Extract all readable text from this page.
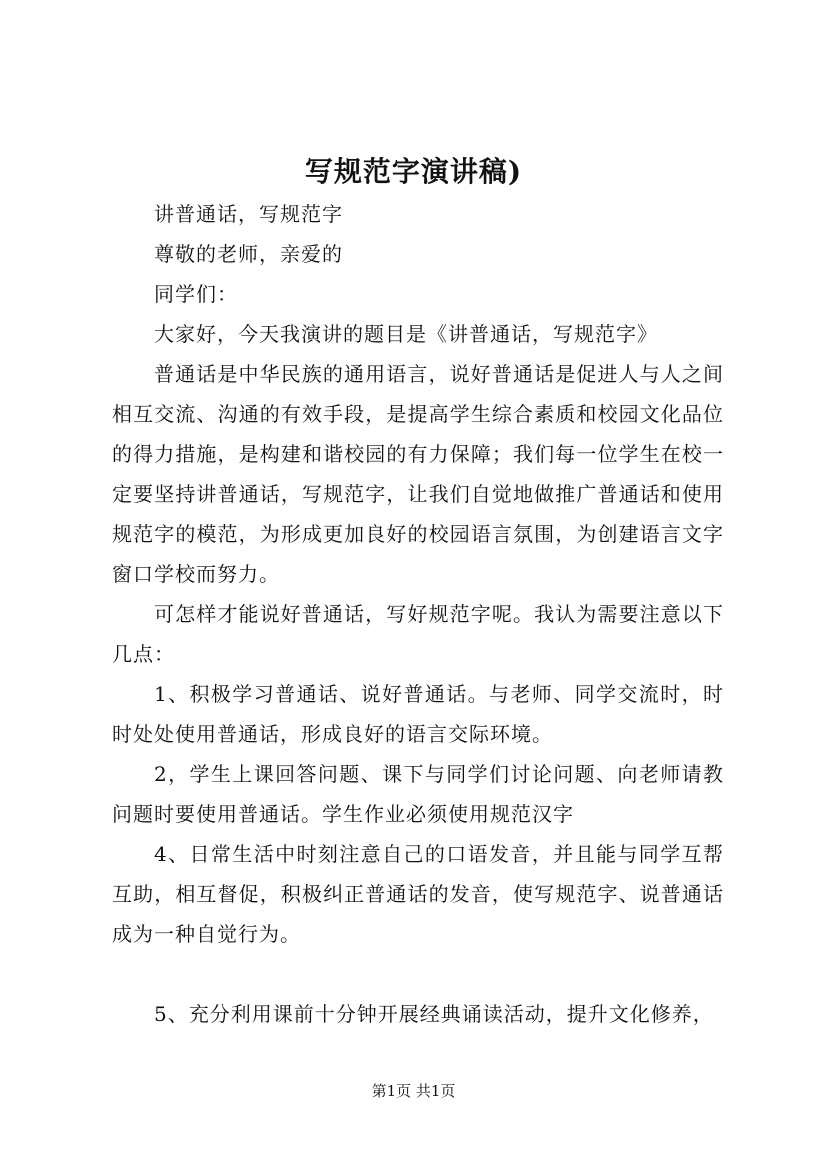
写规范字演讲稿)
讲普通话，写规范字
尊敬的老师，亲爱的
同学们：
大家好，今天我演讲的题目是《讲普通话，写规范字》
普通话是中华民族的通用语言，说好普通话是促进人与人之间相互交流、沟通的有效手段，是提高学生综合素质和校园文化品位的得力措施，是构建和谐校园的有力保障；我们每一位学生在校一定要坚持讲普通话，写规范字，让我们自觉地做推广普通话和使用规范字的模范，为形成更加良好的校园语言氛围，为创建语言文字窗口学校而努力。
可怎样才能说好普通话，写好规范字呢。我认为需要注意以下几点：
1、积极学习普通话、说好普通话。与老师、同学交流时，时时处处使用普通话，形成良好的语言交际环境。
2，学生上课回答问题、课下与同学们讨论问题、向老师请教问题时要使用普通话。学生作业必须使用规范汉字
4、日常生活中时刻注意自己的口语发音，并且能与同学互帮互助，相互督促，积极纠正普通话的发音，使写规范字、说普通话成为一种自觉行为。
5、充分利用课前十分钟开展经典诵读活动，提升文化修养，
第1页 共1页
